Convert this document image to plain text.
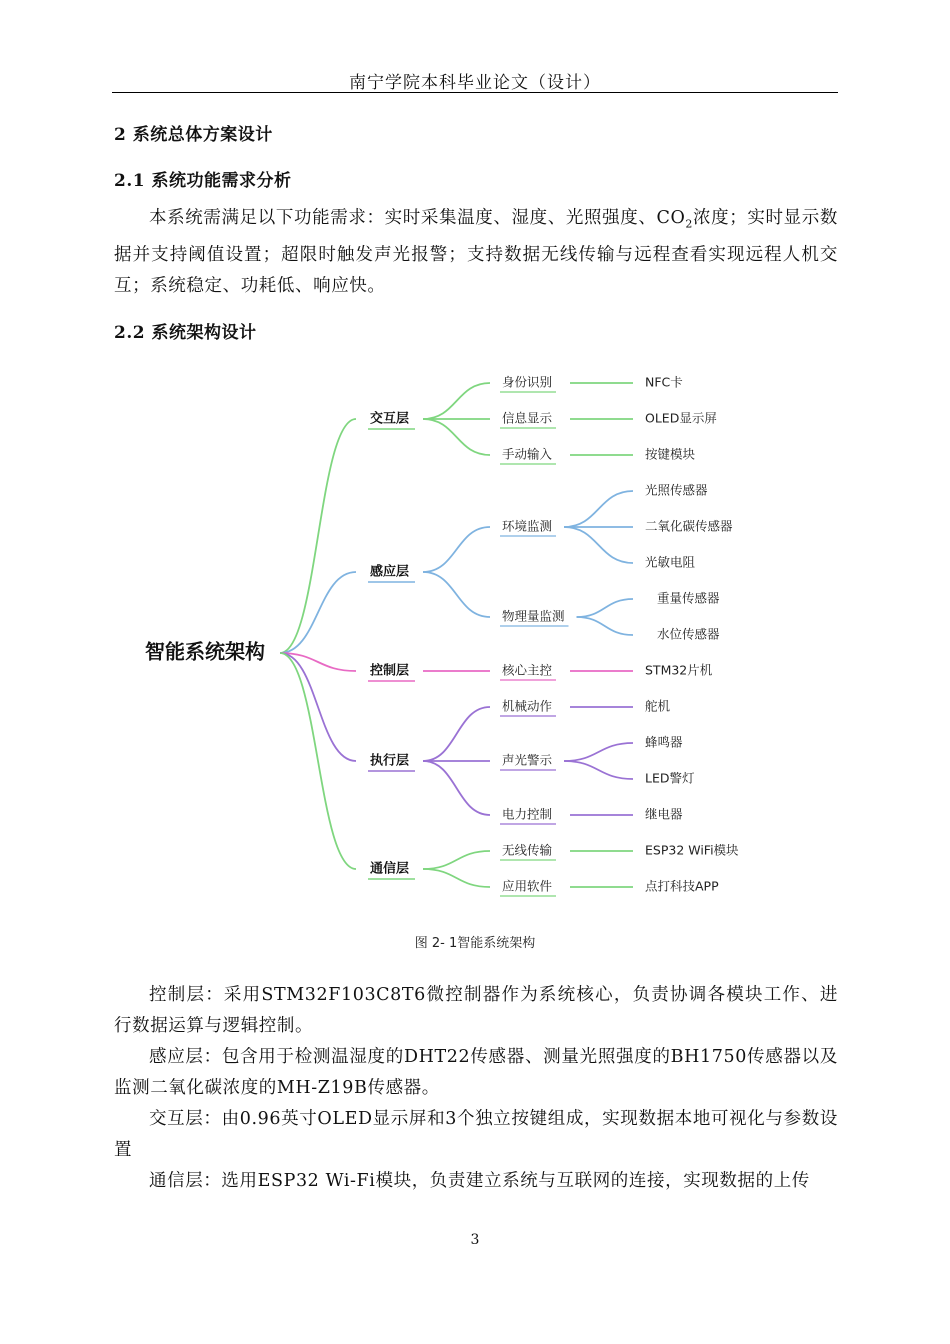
南宁学院本科毕业论文（设计）
2 系统总体方案设计
2.1 系统功能需求分析
本系统需满足以下功能需求：实时采集温度、湿度、光照强度、$CO_2$浓度；实时显示数据并支持阈值设置；超限时触发声光报警；支持数据无线传输与远程查看实现远程人机交互；系统稳定、功耗低、响应快。
2.2 系统架构设计
智能系统架构
身份识别	NFC卡
信息显示	OLED显示屏
手动输入	按键模块
交互层
环境监测
光照传感器
二氧化碳传感器
光敏电阻
物理量监测
重量传感器
水位传感器
感应层
核心主控	STM32片机
控制层
机械动作	舵机
声光警示
蜂鸣器
LED警灯
电力控制	继电器
执行层
无线传输	ESP32 WiFi模块
应用软件	点打科技APP
通信层
图 2- 1智能系统架构
控制层：采用STM32F103C8T6微控制器作为系统核心，负责协调各模块工作、进行数据运算与逻辑控制。
感应层：包含用于检测温湿度的DHT22传感器、测量光照强度的BH1750传感器以及监测二氧化碳浓度的MH-Z19B传感器。
交互层：由0.96英寸OLED显示屏和3个独立按键组成，实现数据本地可视化与参数设置
通信层：选用ESP32 Wi-Fi模块，负责建立系统与互联网的连接，实现数据的上传
3
